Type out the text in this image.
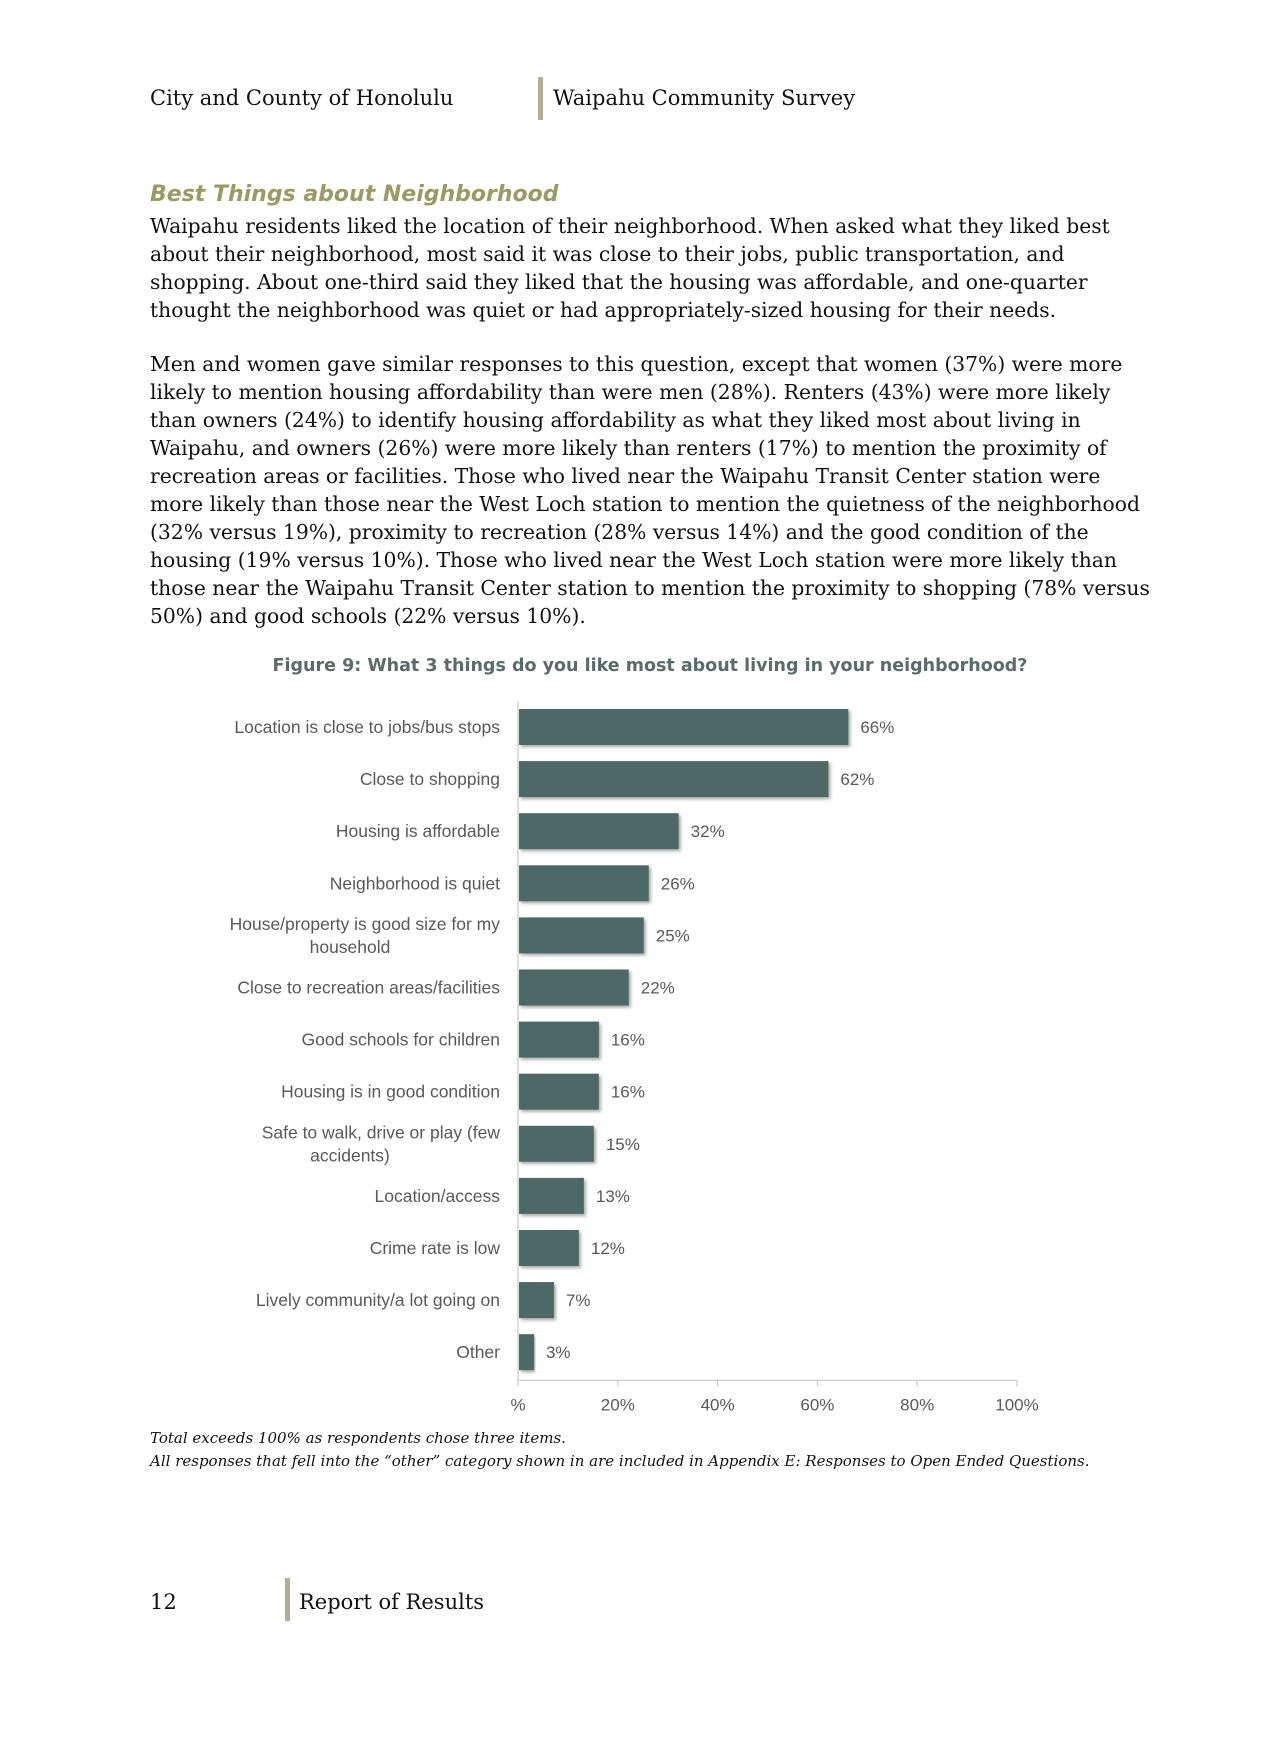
City and County of Honolulu	Waipahu Community Survey
Best Things about Neighborhood

Waipahu residents liked the location of their neighborhood. When asked what they liked best about their neighborhood, most said it was close to their jobs, public transportation, and shopping. About one-third said they liked that the housing was affordable, and one-quarter thought the neighborhood was quiet or had appropriately-sized housing for their needs.

Men and women gave similar responses to this question, except that women (37%) were more likely to mention housing affordability than were men (28%). Renters (43%) were more likely than owners (24%) to identify housing affordability as what they liked most about living in Waipahu, and owners (26%) were more likely than renters (17%) to mention the proximity of recreation areas or facilities. Those who lived near the Waipahu Transit Center station were more likely than those near the West Loch station to mention the quietness of the neighborhood (32% versus 19%), proximity to recreation (28% versus 14%) and the good condition of the housing (19% versus 10%). Those who lived near the West Loch station were more likely than those near the Waipahu Transit Center station to mention the proximity to shopping (78% versus 50%) and good schools (22% versus 10%).

Figure 9: What 3 things do you like most about living in your neighborhood?
66%
Location is close to jobs/bus stops
62%
Close to shopping
32%
Housing is affordable
26%
Neighborhood is quiet
25%
House/property is good size for my
household
22%
Close to recreation areas/facilities
16%
Good schools for children
16%
Housing is in good condition
15%
Safe to walk, drive or play (few
accidents)
13%
Location/access
12%
Crime rate is low
7%
Lively community/a lot going on
3%
Other
%	20%	40%	60%	80%	100%
Total exceeds 100% as respondents chose three items.
All responses that fell into the “other” category shown in are included in Appendix E: Responses to Open Ended Questions.
12	Report of Results
